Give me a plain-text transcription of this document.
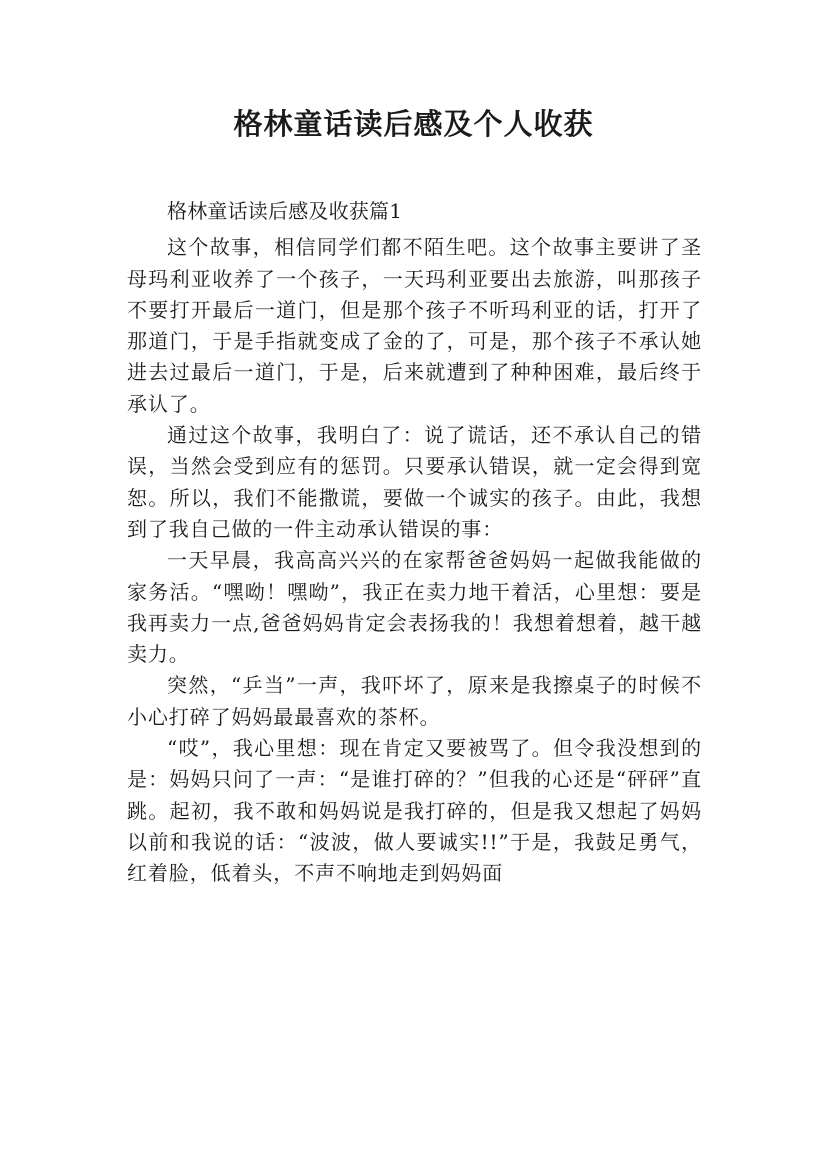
格林童话读后感及个人收获

格林童话读后感及收获篇1

这个故事，相信同学们都不陌生吧。这个故事主要讲了圣母玛利亚收养了一个孩子，一天玛利亚要出去旅游，叫那孩子不要打开最后一道门，但是那个孩子不听玛利亚的话，打开了那道门，于是手指就变成了金的了，可是，那个孩子不承认她进去过最后一道门，于是，后来就遭到了种种困难，最后终于承认了。

通过这个故事，我明白了：说了谎话，还不承认自己的错误，当然会受到应有的惩罚。只要承认错误，就一定会得到宽恕。所以，我们不能撒谎，要做一个诚实的孩子。由此，我想到了我自己做的一件主动承认错误的事：

一天早晨，我高高兴兴的在家帮爸爸妈妈一起做我能做的家务活。“嘿呦！嘿呦”，我正在卖力地干着活，心里想：要是我再卖力一点,爸爸妈妈肯定会表扬我的！我想着想着，越干越卖力。

突然，“乒当”一声，我吓坏了，原来是我擦桌子的时候不小心打碎了妈妈最最喜欢的茶杯。

“哎”，我心里想：现在肯定又要被骂了。但令我没想到的是：妈妈只问了一声：“是谁打碎的？”但我的心还是“砰砰”直跳。起初，我不敢和妈妈说是我打碎的，但是我又想起了妈妈以前和我说的话：“波波，做人要诚实!!”于是，我鼓足勇气，红着脸，低着头，不声不响地走到妈妈面
